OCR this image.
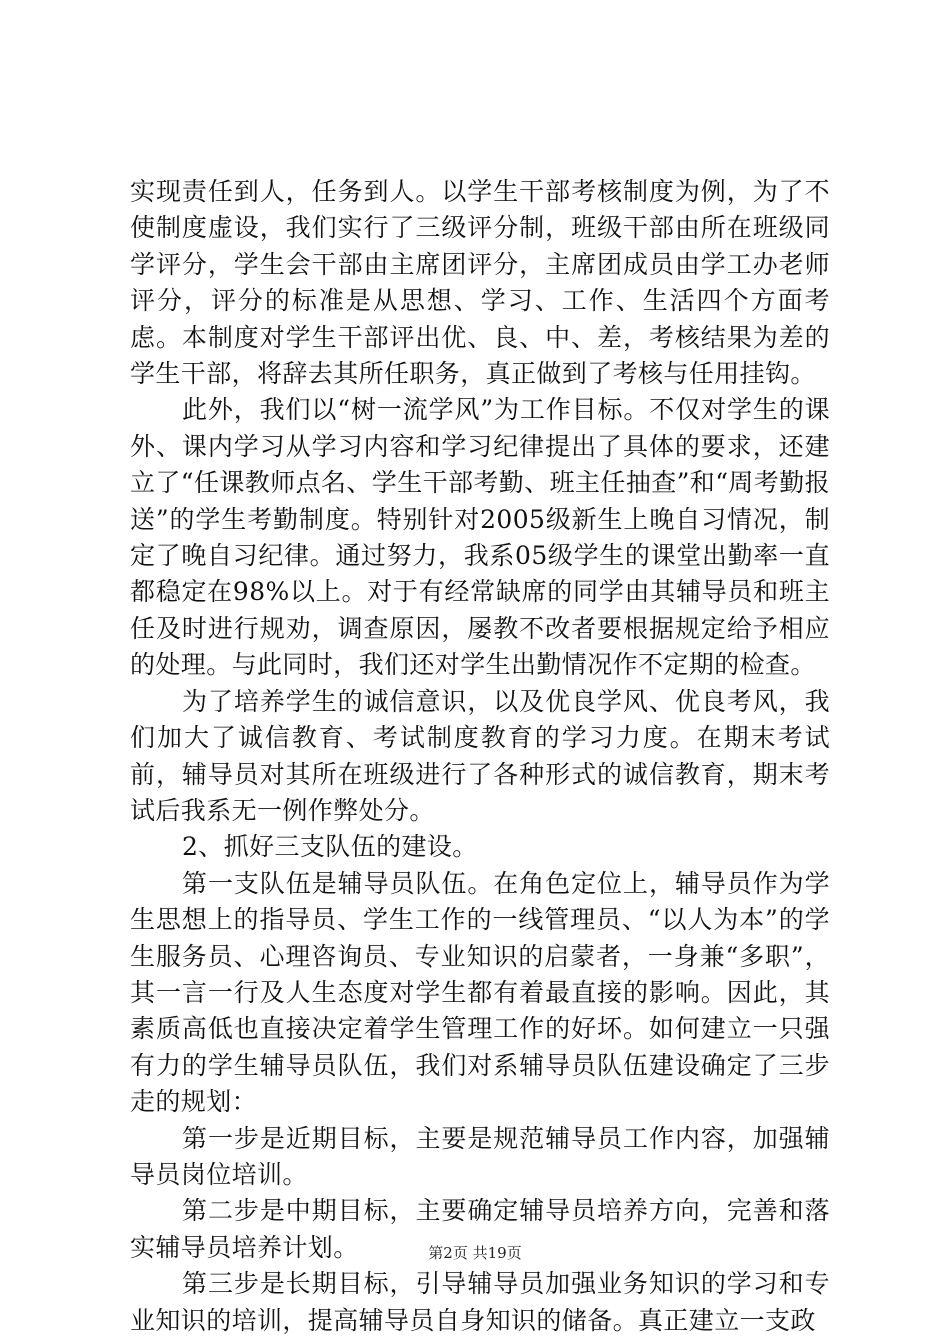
实现责任到人，任务到人。以学生干部考核制度为例，为了不使制度虚设，我们实行了三级评分制，班级干部由所在班级同学评分，学生会干部由主席团评分，主席团成员由学工办老师评分，评分的标准是从思想、学习、工作、生活四个方面考虑。本制度对学生干部评出优、良、中、差，考核结果为差的学生干部，将辞去其所任职务，真正做到了考核与任用挂钩。

此外，我们以“树一流学风”为工作目标。不仅对学生的课外、课内学习从学习内容和学习纪律提出了具体的要求，还建立了“任课教师点名、学生干部考勤、班主任抽查”和“周考勤报送”的学生考勤制度。特别针对2005级新生上晚自习情况，制定了晚自习纪律。通过努力，我系05级学生的课堂出勤率一直都稳定在98%以上。对于有经常缺席的同学由其辅导员和班主任及时进行规劝，调查原因，屡教不改者要根据规定给予相应的处理。与此同时，我们还对学生出勤情况作不定期的检查。

为了培养学生的诚信意识，以及优良学风、优良考风，我们加大了诚信教育、考试制度教育的学习力度。在期末考试前，辅导员对其所在班级进行了各种形式的诚信教育，期末考试后我系无一例作弊处分。

2、抓好三支队伍的建设。

第一支队伍是辅导员队伍。在角色定位上，辅导员作为学生思想上的指导员、学生工作的一线管理员、“以人为本”的学生服务员、心理咨询员、专业知识的启蒙者，一身兼“多职”，其一言一行及人生态度对学生都有着最直接的影响。因此，其素质高低也直接决定着学生管理工作的好坏。如何建立一只强有力的学生辅导员队伍，我们对系辅导员队伍建设确定了三步走的规划：

第一步是近期目标，主要是规范辅导员工作内容，加强辅导员岗位培训。

第二步是中期目标，主要确定辅导员培养方向，完善和落实辅导员培养计划。

第三步是长期目标，引导辅导员加强业务知识的学习和专业知识的培训，提高辅导员自身知识的储备。真正建立一支政

第2页 共19页
